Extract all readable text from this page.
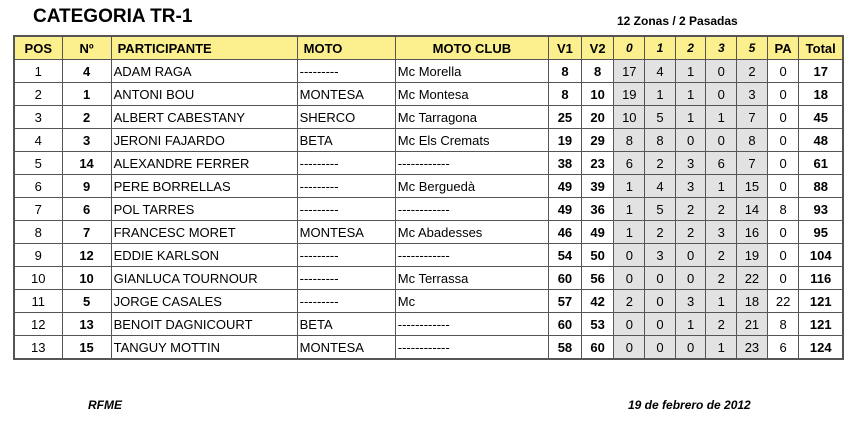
CATEGORIA TR-1	12 Zonas / 2 Pasadas
POS	Nº	PARTICIPANTE	MOTO	MOTO CLUB	V1	V2	0	1	2	3	5	PA	Total
1	4	ADAM RAGA	---------	Mc Morella	8	8	17	4	1	0	2	0	17
2	1	ANTONI BOU	MONTESA	Mc Montesa	8	10	19	1	1	0	3	0	18
3	2	ALBERT CABESTANY	SHERCO	Mc Tarragona	25	20	10	5	1	1	7	0	45
4	3	JERONI FAJARDO	BETA	Mc Els Cremats	19	29	8	8	0	0	8	0	48
5	14	ALEXANDRE FERRER	---------	------------	38	23	6	2	3	6	7	0	61
6	9	PERE BORRELLAS	---------	Mc Berguedà	49	39	1	4	3	1	15	0	88
7	6	POL TARRES	---------	------------	49	36	1	5	2	2	14	8	93
8	7	FRANCESC MORET	MONTESA	Mc Abadesses	46	49	1	2	2	3	16	0	95
9	12	EDDIE KARLSON	---------	------------	54	50	0	3	0	2	19	0	104
10	10	GIANLUCA TOURNOUR	---------	Mc Terrassa	60	56	0	0	0	2	22	0	116
11	5	JORGE CASALES	---------	Mc	57	42	2	0	3	1	18	22	121
12	13	BENOIT DAGNICOURT	BETA	------------	60	53	0	0	1	2	21	8	121
13	15	TANGUY MOTTIN	MONTESA	------------	58	60	0	0	0	1	23	6	124
RFME	19 de febrero de 2012
